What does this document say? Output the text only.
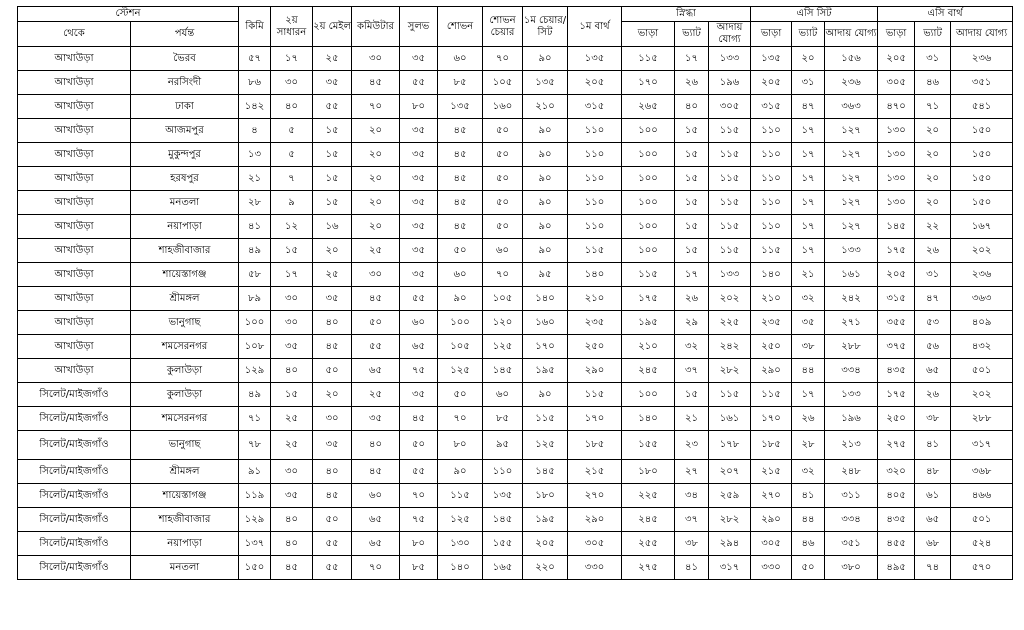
স্টেশন		কিমি	২য় সাধারন	২য় মেইল	কমিউটার	সুলভ	শোভন	শোভন চেয়ার	১ম চেয়ার/ সিট	১ম বার্থ	স্নিগ্ধা			এসি সিট			এসি বার্থ		
থেকে	পর্যন্ত										ভাড়া	ভ্যাট	আদায় যোগ্য	ভাড়া	ভ্যাট	আদায় যোগ্য	ভাড়া	ভ্যাট	আদায় যোগ্য

আখাউড়া	ভৈরব	৫৭	১৭	২৫	৩০	৩৫	৬০	৭০	৯০	১৩৫	১১৫	১৭	১৩৩	১৩৫	২০	১৫৬	২০৫	৩১	২৩৬
আখাউড়া	নরসিংদী	৮৬	৩০	৩৫	৪৫	৫৫	৮৫	১০৫	১৩৫	২০৫	১৭০	২৬	১৯৬	২০৫	৩১	২৩৬	৩০৫	৪৬	৩৫১
আখাউড়া	ঢাকা	১৪২	৪০	৫৫	৭০	৮০	১৩৫	১৬০	২১০	৩১৫	২৬৫	৪০	৩০৫	৩১৫	৪৭	৩৬৩	৪৭০	৭১	৫৪১
আখাউড়া	আজমপুর	৪	৫	১৫	২০	৩৫	৪৫	৫০	৯০	১১০	১০০	১৫	১১৫	১১০	১৭	১২৭	১৩০	২০	১৫০
আখাউড়া	মুকুন্দপুর	১৩	৫	১৫	২০	৩৫	৪৫	৫০	৯০	১১০	১০০	১৫	১১৫	১১০	১৭	১২৭	১৩০	২০	১৫০
আখাউড়া	হরষপুর	২১	৭	১৫	২০	৩৫	৪৫	৫০	৯০	১১০	১০০	১৫	১১৫	১১০	১৭	১২৭	১৩০	২০	১৫০
আখাউড়া	মনতলা	২৮	৯	১৫	২০	৩৫	৪৫	৫০	৯০	১১০	১০০	১৫	১১৫	১১০	১৭	১২৭	১৩০	২০	১৫০
আখাউড়া	নয়াপাড়া	৪১	১২	১৬	২০	৩৫	৪৫	৫০	৯০	১১০	১০০	১৫	১১৫	১১০	১৭	১২৭	১৪৫	২২	১৬৭
আখাউড়া	শাহজীবাজার	৪৯	১৫	২০	২৫	৩৫	৫০	৬০	৯০	১১৫	১০০	১৫	১১৫	১১৫	১৭	১৩৩	১৭৫	২৬	২০২
আখাউড়া	শায়েস্তাগঞ্জ	৫৮	১৭	২৫	৩০	৩৫	৬০	৭০	৯৫	১৪০	১১৫	১৭	১৩৩	১৪০	২১	১৬১	২০৫	৩১	২৩৬
আখাউড়া	শ্রীমঙ্গল	৮৯	৩০	৩৫	৪৫	৫৫	৯০	১০৫	১৪০	২১০	১৭৫	২৬	২০২	২১০	৩২	২৪২	৩১৫	৪৭	৩৬৩
আখাউড়া	ভানুগাছ	১০০	৩০	৪০	৫০	৬০	১০০	১২০	১৬০	২৩৫	১৯৫	২৯	২২৫	২৩৫	৩৫	২৭১	৩৫৫	৫৩	৪০৯
আখাউড়া	শমসেরনগর	১০৮	৩৫	৪৫	৫৫	৬৫	১০৫	১২৫	১৭০	২৫০	২১০	৩২	২৪২	২৫০	৩৮	২৮৮	৩৭৫	৫৬	৪৩২
আখাউড়া	কুলাউড়া	১২৯	৪০	৫০	৬৫	৭৫	১২৫	১৪৫	১৯৫	২৯০	২৪৫	৩৭	২৮২	২৯০	৪৪	৩৩৪	৪৩৫	৬৫	৫০১
সিলেট/মাইজগাঁও	কুলাউড়া	৪৯	১৫	২০	২৫	৩৫	৫০	৬০	৯০	১১৫	১০০	১৫	১১৫	১১৫	১৭	১৩৩	১৭৫	২৬	২০২
সিলেট/মাইজগাঁও	শমসেরনগর	৭১	২৫	৩০	৩৫	৪৫	৭০	৮৫	১১৫	১৭০	১৪০	২১	১৬১	১৭০	২৬	১৯৬	২৫০	৩৮	২৮৮
সিলেট/মাইজগাঁও	ভানুগাছ	৭৮	২৫	৩৫	৪০	৫০	৮০	৯৫	১২৫	১৮৫	১৫৫	২৩	১৭৮	১৮৫	২৮	২১৩	২৭৫	৪১	৩১৭
সিলেট/মাইজগাঁও	শ্রীমঙ্গল	৯১	৩০	৪০	৪৫	৫৫	৯০	১১০	১৪৫	২১৫	১৮০	২৭	২০৭	২১৫	৩২	২৪৮	৩২০	৪৮	৩৬৮
সিলেট/মাইজগাঁও	শায়েস্তাগঞ্জ	১১৯	৩৫	৪৫	৬০	৭০	১১৫	১৩৫	১৮০	২৭০	২২৫	৩৪	২৫৯	২৭০	৪১	৩১১	৪০৫	৬১	৪৬৬
সিলেট/মাইজগাঁও	শাহজীবাজার	১২৯	৪০	৫০	৬৫	৭৫	১২৫	১৪৫	১৯৫	২৯০	২৪৫	৩৭	২৮২	২৯০	৪৪	৩৩৪	৪৩৫	৬৫	৫০১
সিলেট/মাইজগাঁও	নয়াপাড়া	১৩৭	৪০	৫৫	৬৫	৮০	১৩০	১৫৫	২০৫	৩০৫	২৫৫	৩৮	২৯৪	৩০৫	৪৬	৩৫১	৪৫৫	৬৮	৫২৪
সিলেট/মাইজগাঁও	মনতলা	১৫০	৪৫	৫৫	৭০	৮৫	১৪০	১৬৫	২২০	৩৩০	২৭৫	৪১	৩১৭	৩৩০	৫০	৩৮০	৪৯৫	৭৪	৫৭০
